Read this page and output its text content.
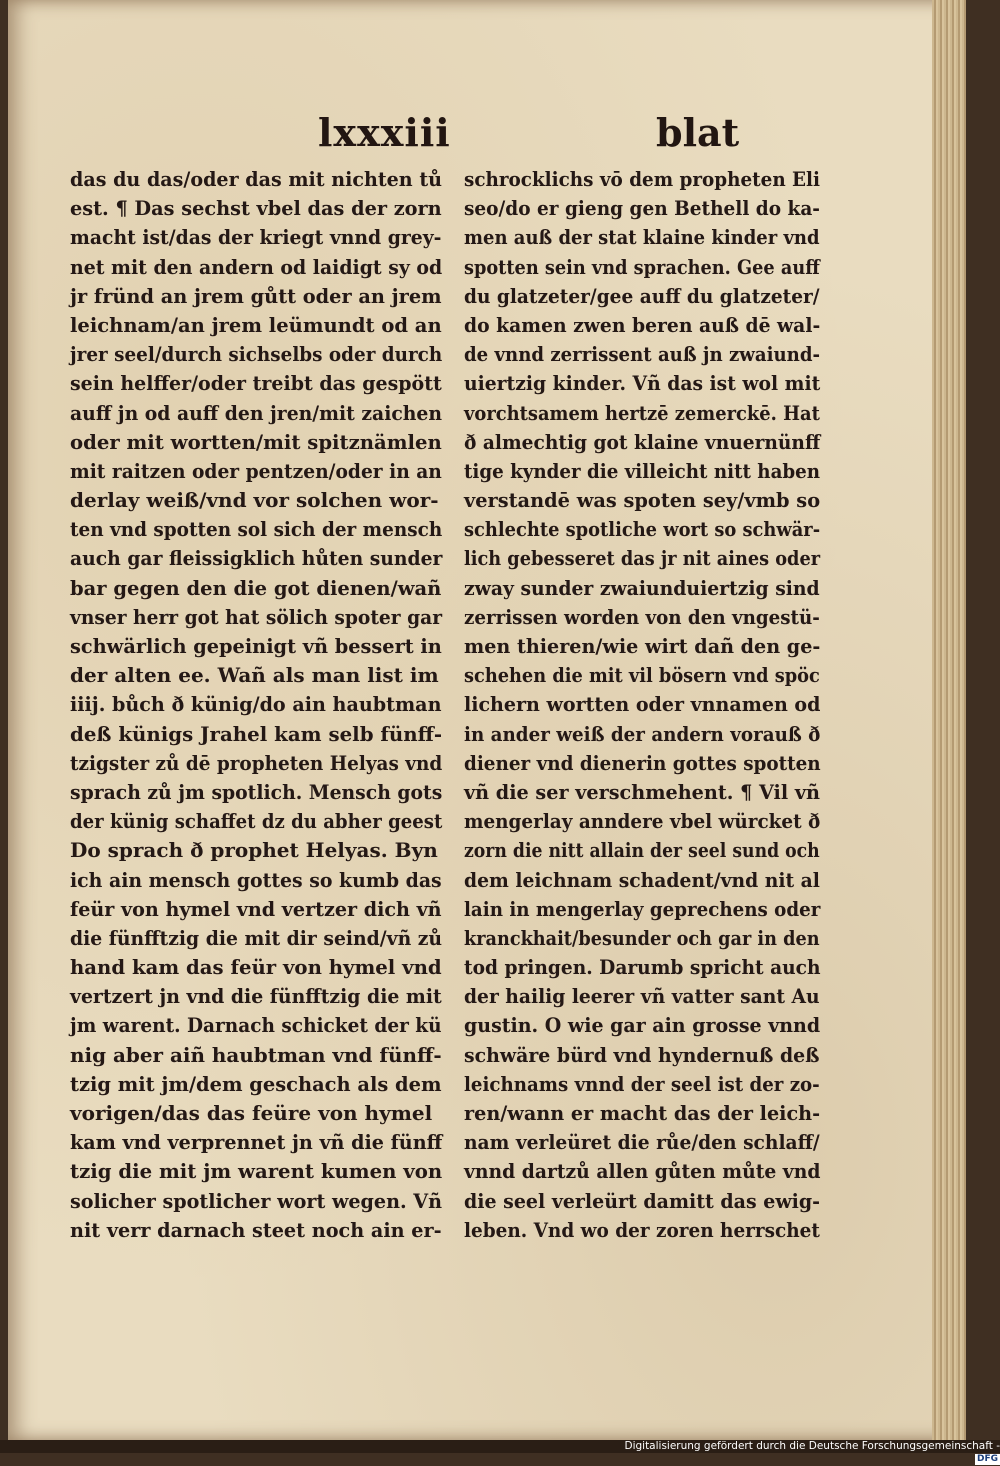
lxxxiii	blat
das du das/oder das mit nichten tů
est. ¶ Das sechst vbel das der zorn
macht ist/das der kriegt vnnd grey-
net mit den andern od laidigt sy od
jr fründ an jrem gůtt oder an jrem
leichnam/an jrem leümundt od an
jrer seel/durch sichselbs oder durch
sein helffer/oder treibt das gespött
auff jn od auff den jren/mit zaichen
oder mit wortten/mit spitznämlen
mit raitzen oder pentzen/oder in an
derlay weiß/vnd vor solchen wor-
ten vnd spotten sol sich der mensch
auch gar fleissigklich hůten sunder
bar gegen den die got dienen/wañ
vnser herr got hat sölich spoter gar
schwärlich gepeinigt vñ bessert in
der alten ee. Wañ als man list im
iiij. bůch ð künig/do ain haubtman
deß künigs Jrahel kam selb fünff-
tzigster zů dē propheten Helyas vnd
sprach zů jm spotlich. Mensch gots
der künig schaffet dz du abher geest
Do sprach ð prophet Helyas. Byn
ich ain mensch gottes so kumb das
feür von hymel vnd vertzer dich vñ
die fünfftzig die mit dir seind/vñ zů
hand kam das feür von hymel vnd
vertzert jn vnd die fünfftzig die mit
jm warent. Darnach schicket der kü
nig aber aiñ haubtman vnd fünff-
tzig mit jm/dem geschach als dem
vorigen/das das feüre von hymel
kam vnd verprennet jn vñ die fünff
tzig die mit jm warent kumen von
solicher spotlicher wort wegen. Vñ
nit verr darnach steet noch ain er-
schrocklichs vō dem propheten Eli
seo/do er gieng gen Bethell do ka-
men auß der stat klaine kinder vnd
spotten sein vnd sprachen. Gee auff
du glatzeter/gee auff du glatzeter/
do kamen zwen beren auß dē wal-
de vnnd zerrissent auß jn zwaiund-
uiertzig kinder. Vñ das ist wol mit
vorchtsamem hertzē zemerckē. Hat
ð almechtig got klaine vnuernünff
tige kynder die villeicht nitt haben
verstandē was spoten sey/vmb so
schlechte spotliche wort so schwär-
lich gebesseret das jr nit aines oder
zway sunder zwaiunduiertzig sind
zerrissen worden von den vngestü-
men thieren/wie wirt dañ den ge-
schehen die mit vil bösern vnd spöc
lichern wortten oder vnnamen od
in ander weiß der andern vorauß ð
diener vnd dienerin gottes spotten
vñ die ser verschmehent. ¶ Vil vñ
mengerlay anndere vbel würcket ð
zorn die nitt allain der seel sund och
dem leichnam schadent/vnd nit al
lain in mengerlay geprechens oder
kranckhait/besunder och gar in den
tod pringen. Darumb spricht auch
der hailig leerer vñ vatter sant Au
gustin. O wie gar ain grosse vnnd
schwäre bürd vnd hyndernuß deß
leichnams vnnd der seel ist der zo-
ren/wann er macht das der leich-
nam verleüret die růe/den schlaff/
vnnd dartzů allen gůten můte vnd
die seel verleürt damitt das ewig-
leben. Vnd wo der zoren herrschet
Digitalisierung gefördert durch die Deutsche Forschungsgemeinschaft -DFG
